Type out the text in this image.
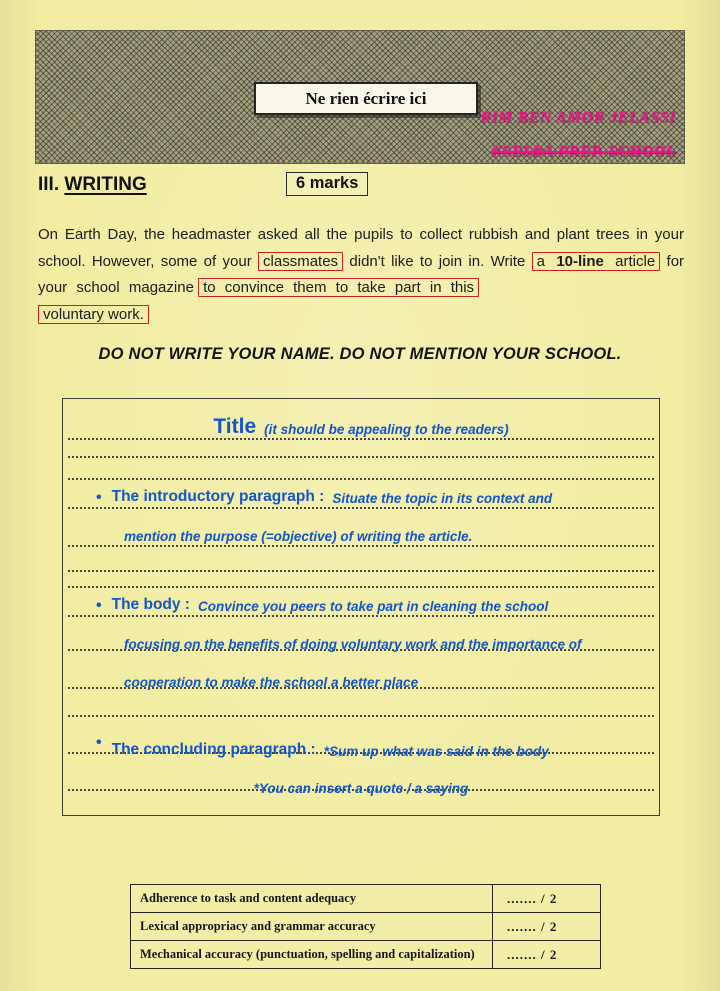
Ne rien écrire ici
RIM BEN AMOR JELASSI
KSESBA PREP. SCHOOL
III. WRITING	6 marks

On Earth Day, the headmaster asked all the pupils to collect rubbish and plant trees in your school. However, some of your classmates didn't like to join in. Write a 10-line article for your school magazine to convince them to take part in this
voluntary work.

DO NOT WRITE YOUR NAME. DO NOT MENTION YOUR SCHOOL.
Title (it should be appealing to the readers)
• The introductory paragraph : Situate the topic in its context and
mention the purpose (=objective) of writing the article.
• The body : Convince you peers to take part in cleaning the school
focusing on the benefits of doing voluntary work and the importance of
cooperation to make the school a better place
• The concluding paragraph : *Sum up what was said in the body
*You can insert a quote / a saying
Adherence to task and content adequacy	....... / 2
Lexical appropriacy and grammar accuracy	....... / 2
Mechanical accuracy (punctuation, spelling and capitalization)	....... / 2
